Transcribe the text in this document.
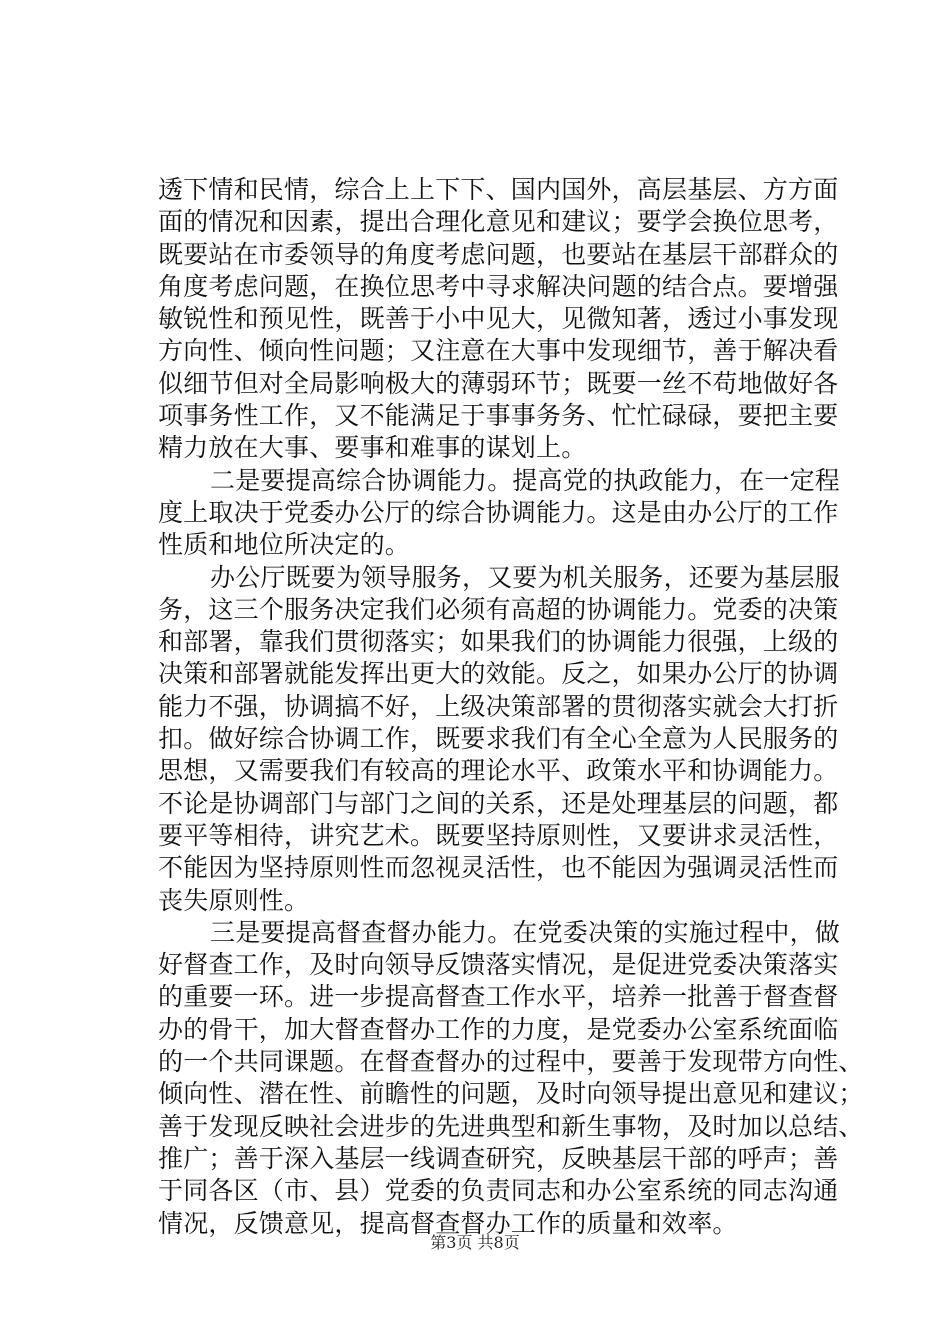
透下情和民情，综合上上下下、国内国外，高层基层、方方面
面的情况和因素，提出合理化意见和建议；要学会换位思考，
既要站在市委领导的角度考虑问题，也要站在基层干部群众的
角度考虑问题，在换位思考中寻求解决问题的结合点。要增强
敏锐性和预见性，既善于小中见大，见微知著，透过小事发现
方向性、倾向性问题；又注意在大事中发现细节，善于解决看
似细节但对全局影响极大的薄弱环节；既要一丝不苟地做好各
项事务性工作，又不能满足于事事务务、忙忙碌碌，要把主要
精力放在大事、要事和难事的谋划上。
二是要提高综合协调能力。提高党的执政能力，在一定程
度上取决于党委办公厅的综合协调能力。这是由办公厅的工作
性质和地位所决定的。
办公厅既要为领导服务，又要为机关服务，还要为基层服
务，这三个服务决定我们必须有高超的协调能力。党委的决策
和部署，靠我们贯彻落实；如果我们的协调能力很强，上级的
决策和部署就能发挥出更大的效能。反之，如果办公厅的协调
能力不强，协调搞不好，上级决策部署的贯彻落实就会大打折
扣。做好综合协调工作，既要求我们有全心全意为人民服务的
思想，又需要我们有较高的理论水平、政策水平和协调能力。
不论是协调部门与部门之间的关系，还是处理基层的问题，都
要平等相待，讲究艺术。既要坚持原则性，又要讲求灵活性，
不能因为坚持原则性而忽视灵活性，也不能因为强调灵活性而
丧失原则性。
三是要提高督查督办能力。在党委决策的实施过程中，做
好督查工作，及时向领导反馈落实情况，是促进党委决策落实
的重要一环。进一步提高督查工作水平，培养一批善于督查督
办的骨干，加大督查督办工作的力度，是党委办公室系统面临
的一个共同课题。在督查督办的过程中，要善于发现带方向性、
倾向性、潜在性、前瞻性的问题，及时向领导提出意见和建议；
善于发现反映社会进步的先进典型和新生事物，及时加以总结、
推广；善于深入基层一线调查研究，反映基层干部的呼声；善
于同各区（市、县）党委的负责同志和办公室系统的同志沟通
情况，反馈意见，提高督查督办工作的质量和效率。
第3页 共8页
